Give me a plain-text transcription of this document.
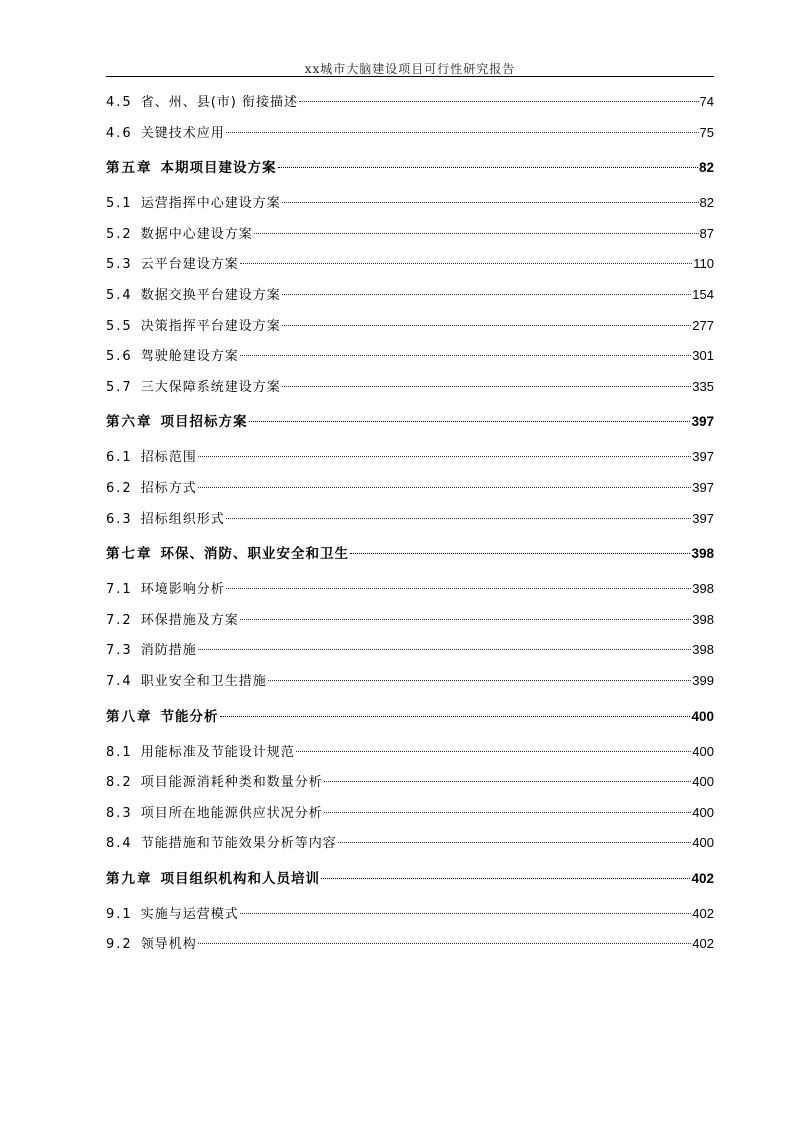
xx城市大脑建设项目可行性研究报告
4.5 省、州、县(市) 衔接描述	74
4.6 关键技术应用	75
第五章 本期项目建设方案	82
5.1 运营指挥中心建设方案	82
5.2 数据中心建设方案	87
5.3 云平台建设方案	110
5.4 数据交换平台建设方案	154
5.5 决策指挥平台建设方案	277
5.6 驾驶舱建设方案	301
5.7 三大保障系统建设方案	335
第六章 项目招标方案	397
6.1 招标范围	397
6.2 招标方式	397
6.3 招标组织形式	397
第七章 环保、消防、职业安全和卫生	398
7.1 环境影响分析	398
7.2 环保措施及方案	398
7.3 消防措施	398
7.4 职业安全和卫生措施	399
第八章 节能分析	400
8.1 用能标准及节能设计规范	400
8.2 项目能源消耗种类和数量分析	400
8.3 项目所在地能源供应状况分析	400
8.4 节能措施和节能效果分析等内容	400
第九章 项目组织机构和人员培训	402
9.1 实施与运营模式	402
9.2 领导机构	402
